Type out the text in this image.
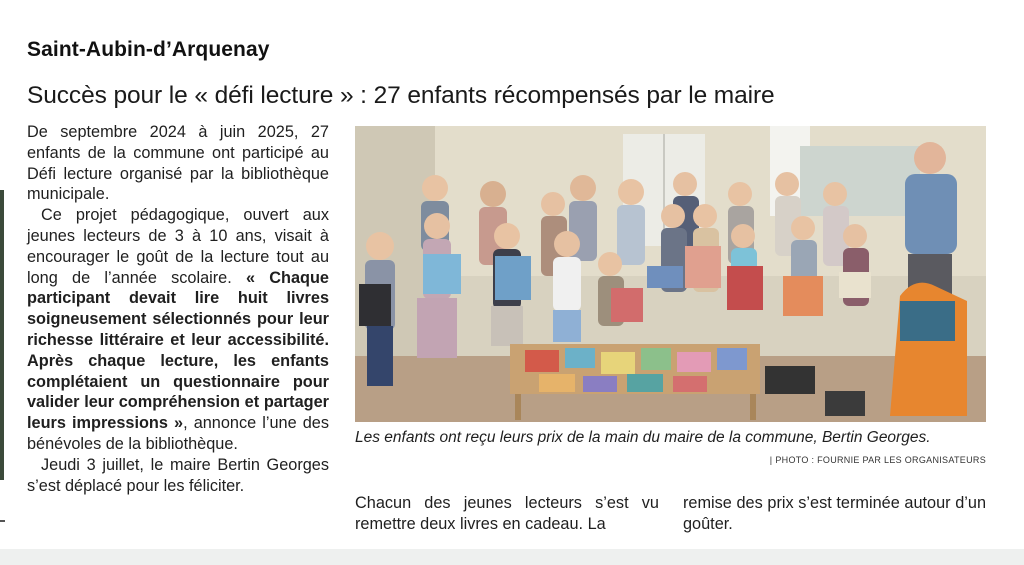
Saint-Aubin-d’Arquenay
Succès pour le « défi lecture » : 27 enfants récompensés par le maire

De septembre 2024 à juin 2025, 27 enfants de la commune ont participé au Défi lecture organisé par la bibliothèque municipale.

Ce projet pédagogique, ouvert aux jeunes lecteurs de 3 à 10 ans, visait à encourager le goût de la lecture tout au long de l’année scolaire. « Chaque participant devait lire huit livres soigneusement sélectionnés pour leur richesse littéraire et leur accessibilité. Après chaque lecture, les enfants complétaient un questionnaire pour valider leur compréhension et partager leurs impressions », annonce l’une des bénévoles de la bibliothèque.

Jeudi 3 juillet, le maire Bertin Georges s’est déplacé pour les féliciter.

Les enfants ont reçu leurs prix de la main du maire de la commune, Bertin Georges.
| PHOTO : FOURNIE PAR LES ORGANISATEURS

Chacun des jeunes lecteurs s’est vu remettre deux livres en cadeau. La

remise des prix s’est terminée autour d’un goûter.
